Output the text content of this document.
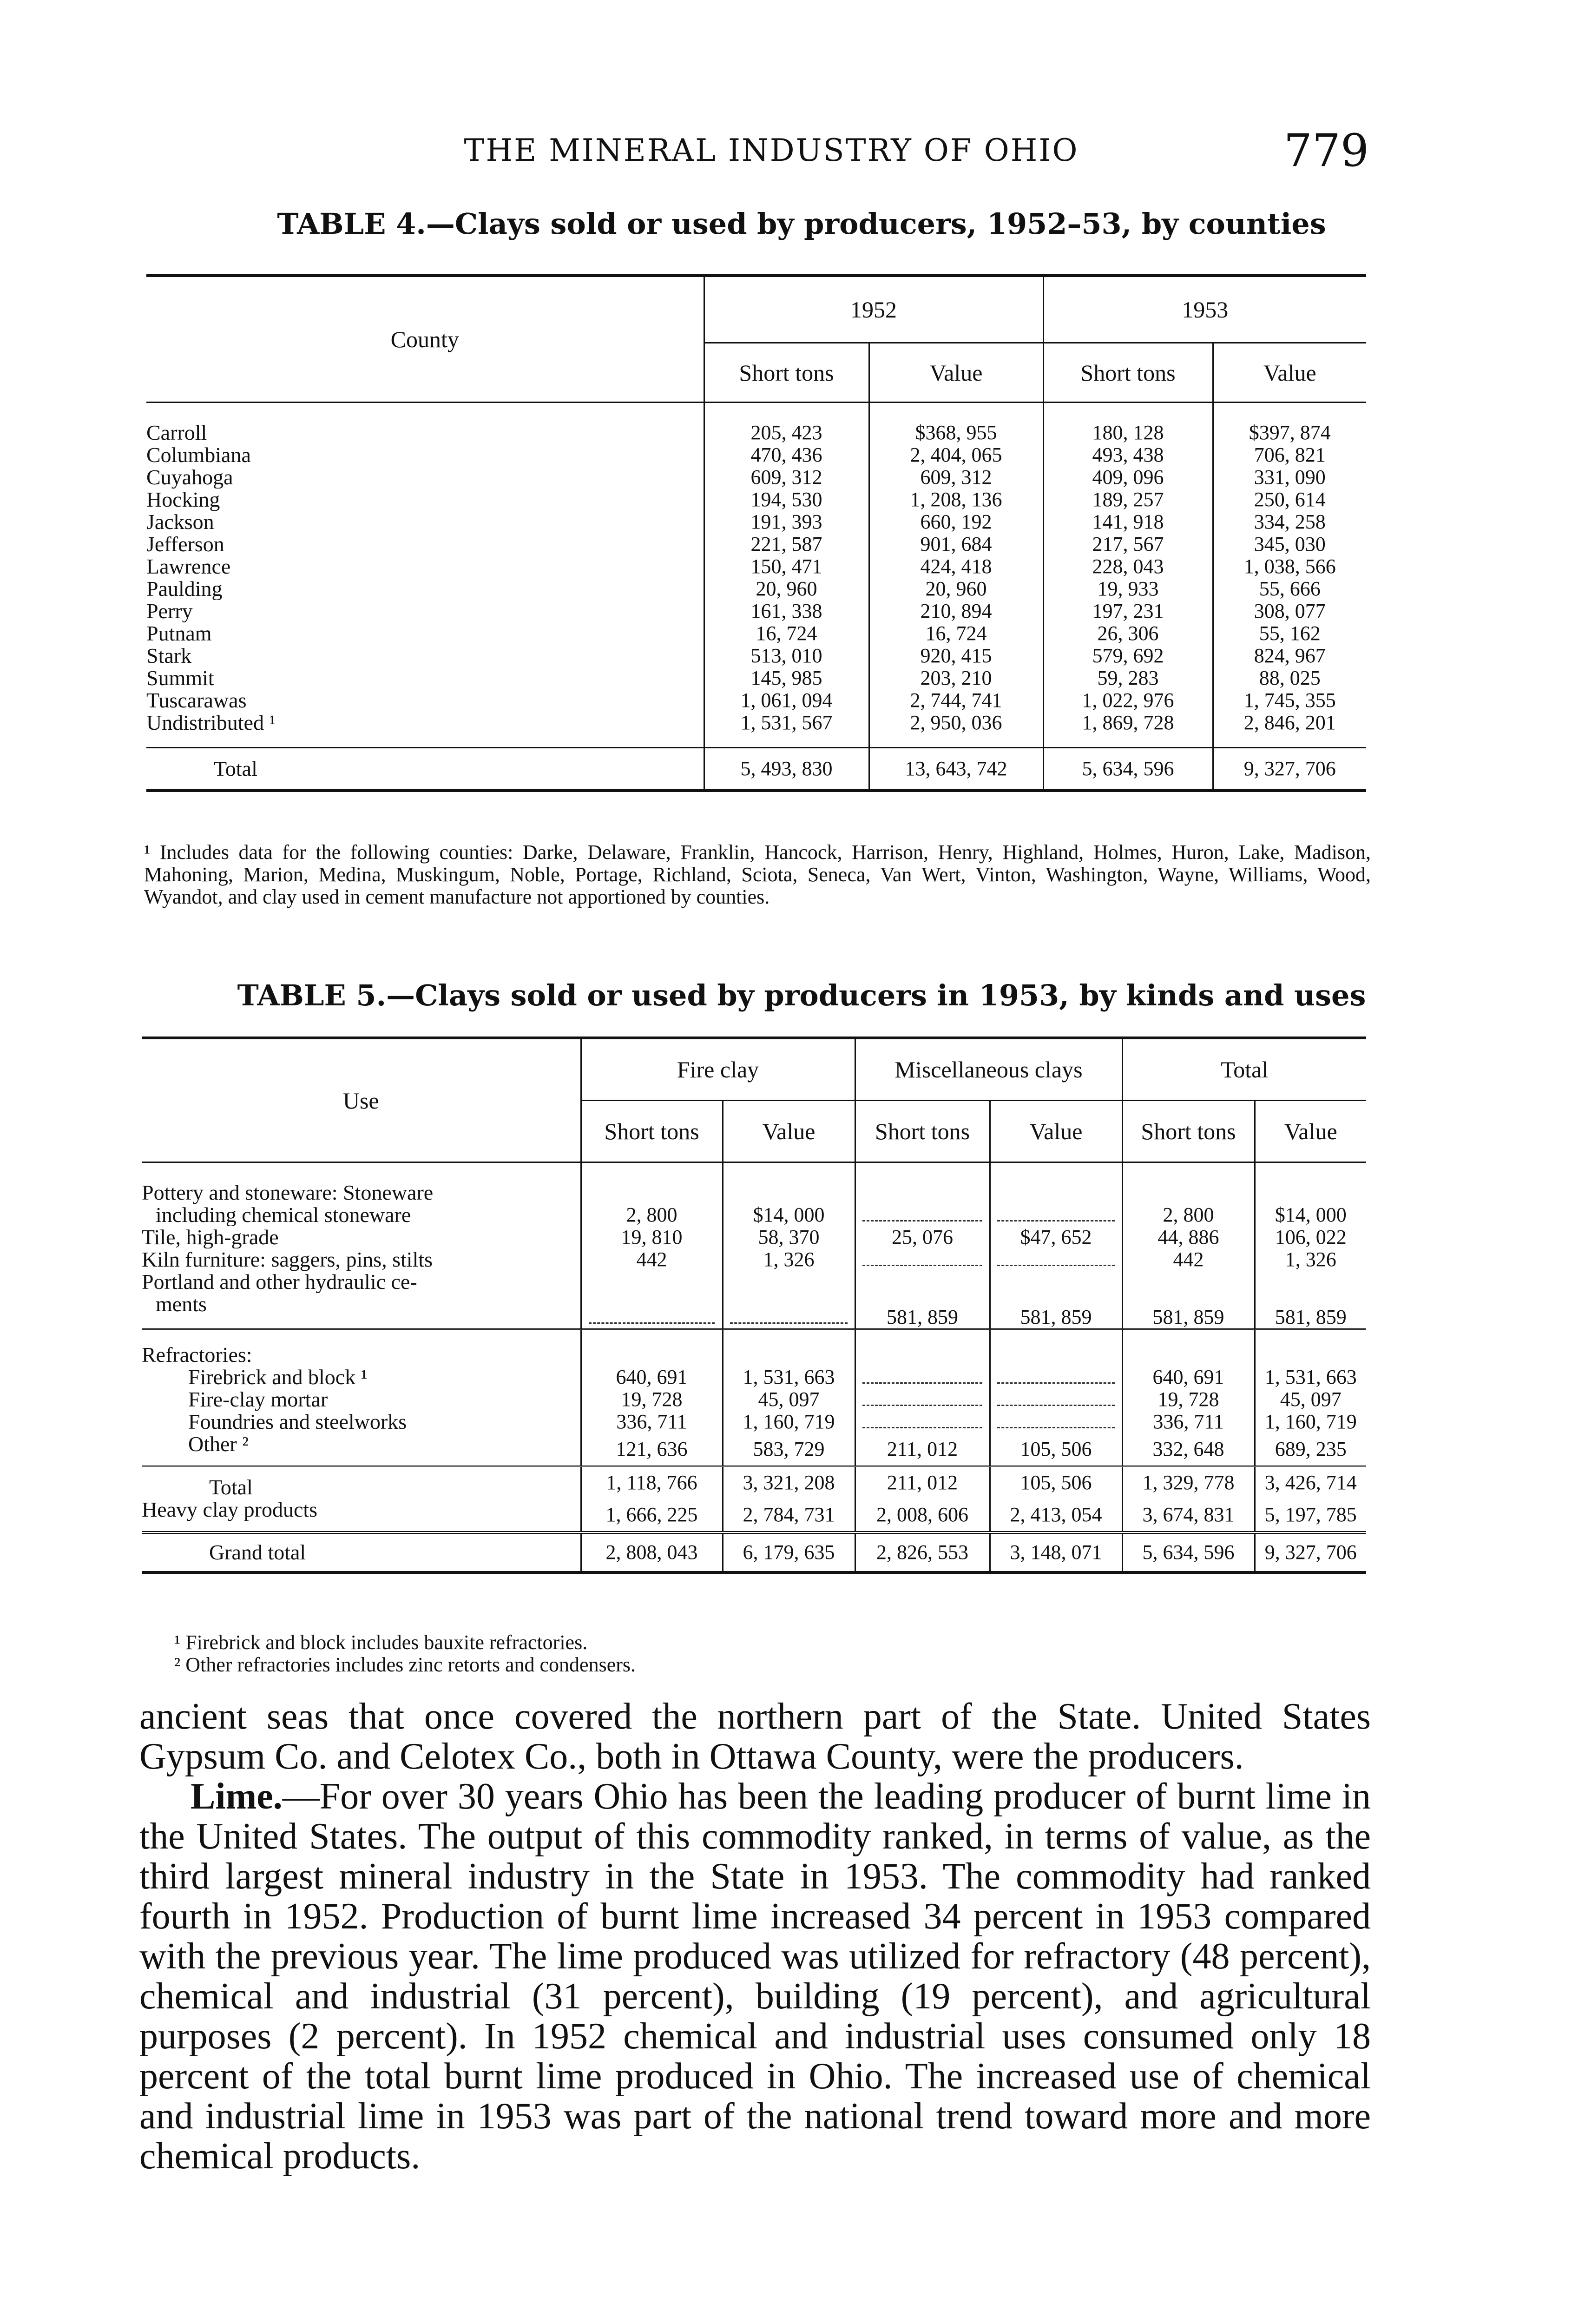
THE MINERAL INDUSTRY OF OHIO	779
TABLE 4.—Clays sold or used by producers, 1952–53, by counties
County	1952		1953	
	Short tons	Value	Short tons	Value

Carroll	205, 423	$368, 955	180, 128	$397, 874

Columbiana	470, 436	2, 404, 065	493, 438	706, 821

Cuyahoga	609, 312	609, 312	409, 096	331, 090

Hocking	194, 530	1, 208, 136	189, 257	250, 614

Jackson	191, 393	660, 192	141, 918	334, 258

Jefferson	221, 587	901, 684	217, 567	345, 030

Lawrence	150, 471	424, 418	228, 043	1, 038, 566

Paulding	20, 960	20, 960	19, 933	55, 666

Perry	161, 338	210, 894	197, 231	308, 077

Putnam	16, 724	16, 724	26, 306	55, 162

Stark	513, 010	920, 415	579, 692	824, 967

Summit	145, 985	203, 210	59, 283	88, 025

Tuscarawas	1, 061, 094	2, 744, 741	1, 022, 976	1, 745, 355

Undistributed ¹	1, 531, 567	2, 950, 036	1, 869, 728	2, 846, 201

Total	5, 493, 830	13, 643, 742	5, 634, 596	9, 327, 706
¹ Includes data for the following counties: Darke, Delaware, Franklin, Hancock, Harrison, Henry, Highland, Holmes, Huron, Lake, Madison, Mahoning, Marion, Medina, Muskingum, Noble, Portage, Richland, Sciota, Seneca, Van Wert, Vinton, Washington, Wayne, Williams, Wood, Wyandot, and clay used in cement manufacture not apportioned by counties.
TABLE 5.—Clays sold or used by producers in 1953, by kinds and uses
Use	Fire clay		Miscellaneous clays		Total	
	Short tons	Value	Short tons	Value	Short tons	Value

Pottery and stoneware: Stoneware
including chemical stoneware	2, 800	$14, 000			2, 800	$14, 000

Tile, high-grade	19, 810	58, 370	25, 076	$47, 652	44, 886	106, 022

Kiln furniture: saggers, pins, stilts	442	1, 326			442	1, 326

Portland and other hydraulic ce-
ments			581, 859	581, 859	581, 859	581, 859

Refractories:						

Firebrick and block ¹	640, 691	1, 531, 663			640, 691	1, 531, 663

Fire-clay mortar	19, 728	45, 097			19, 728	45, 097

Foundries and steelworks	336, 711	1, 160, 719			336, 711	1, 160, 719

Other ²	121, 636	583, 729	211, 012	105, 506	332, 648	689, 235

Total	1, 118, 766	3, 321, 208	211, 012	105, 506	1, 329, 778	3, 426, 714

Heavy clay products	1, 666, 225	2, 784, 731	2, 008, 606	2, 413, 054	3, 674, 831	5, 197, 785

Grand total	2, 808, 043	6, 179, 635	2, 826, 553	3, 148, 071	5, 634, 596	9, 327, 706
¹ Firebrick and block includes bauxite refractories.
² Other refractories includes zinc retorts and condensers.

ancient seas that once covered the northern part of the State. United States Gypsum Co. and Celotex Co., both in Ottawa County, were the producers.

Lime.—For over 30 years Ohio has been the leading producer of burnt lime in the United States. The output of this commodity ranked, in terms of value, as the third largest mineral industry in the State in 1953. The commodity had ranked fourth in 1952. Production of burnt lime increased 34 percent in 1953 compared with the previous year. The lime produced was utilized for refractory (48 percent), chemical and industrial (31 percent), building (19 percent), and agricultural purposes (2 percent). In 1952 chemical and industrial uses consumed only 18 percent of the total burnt lime produced in Ohio. The increased use of chemical and industrial lime in 1953 was part of the national trend toward more and more chemical products.
